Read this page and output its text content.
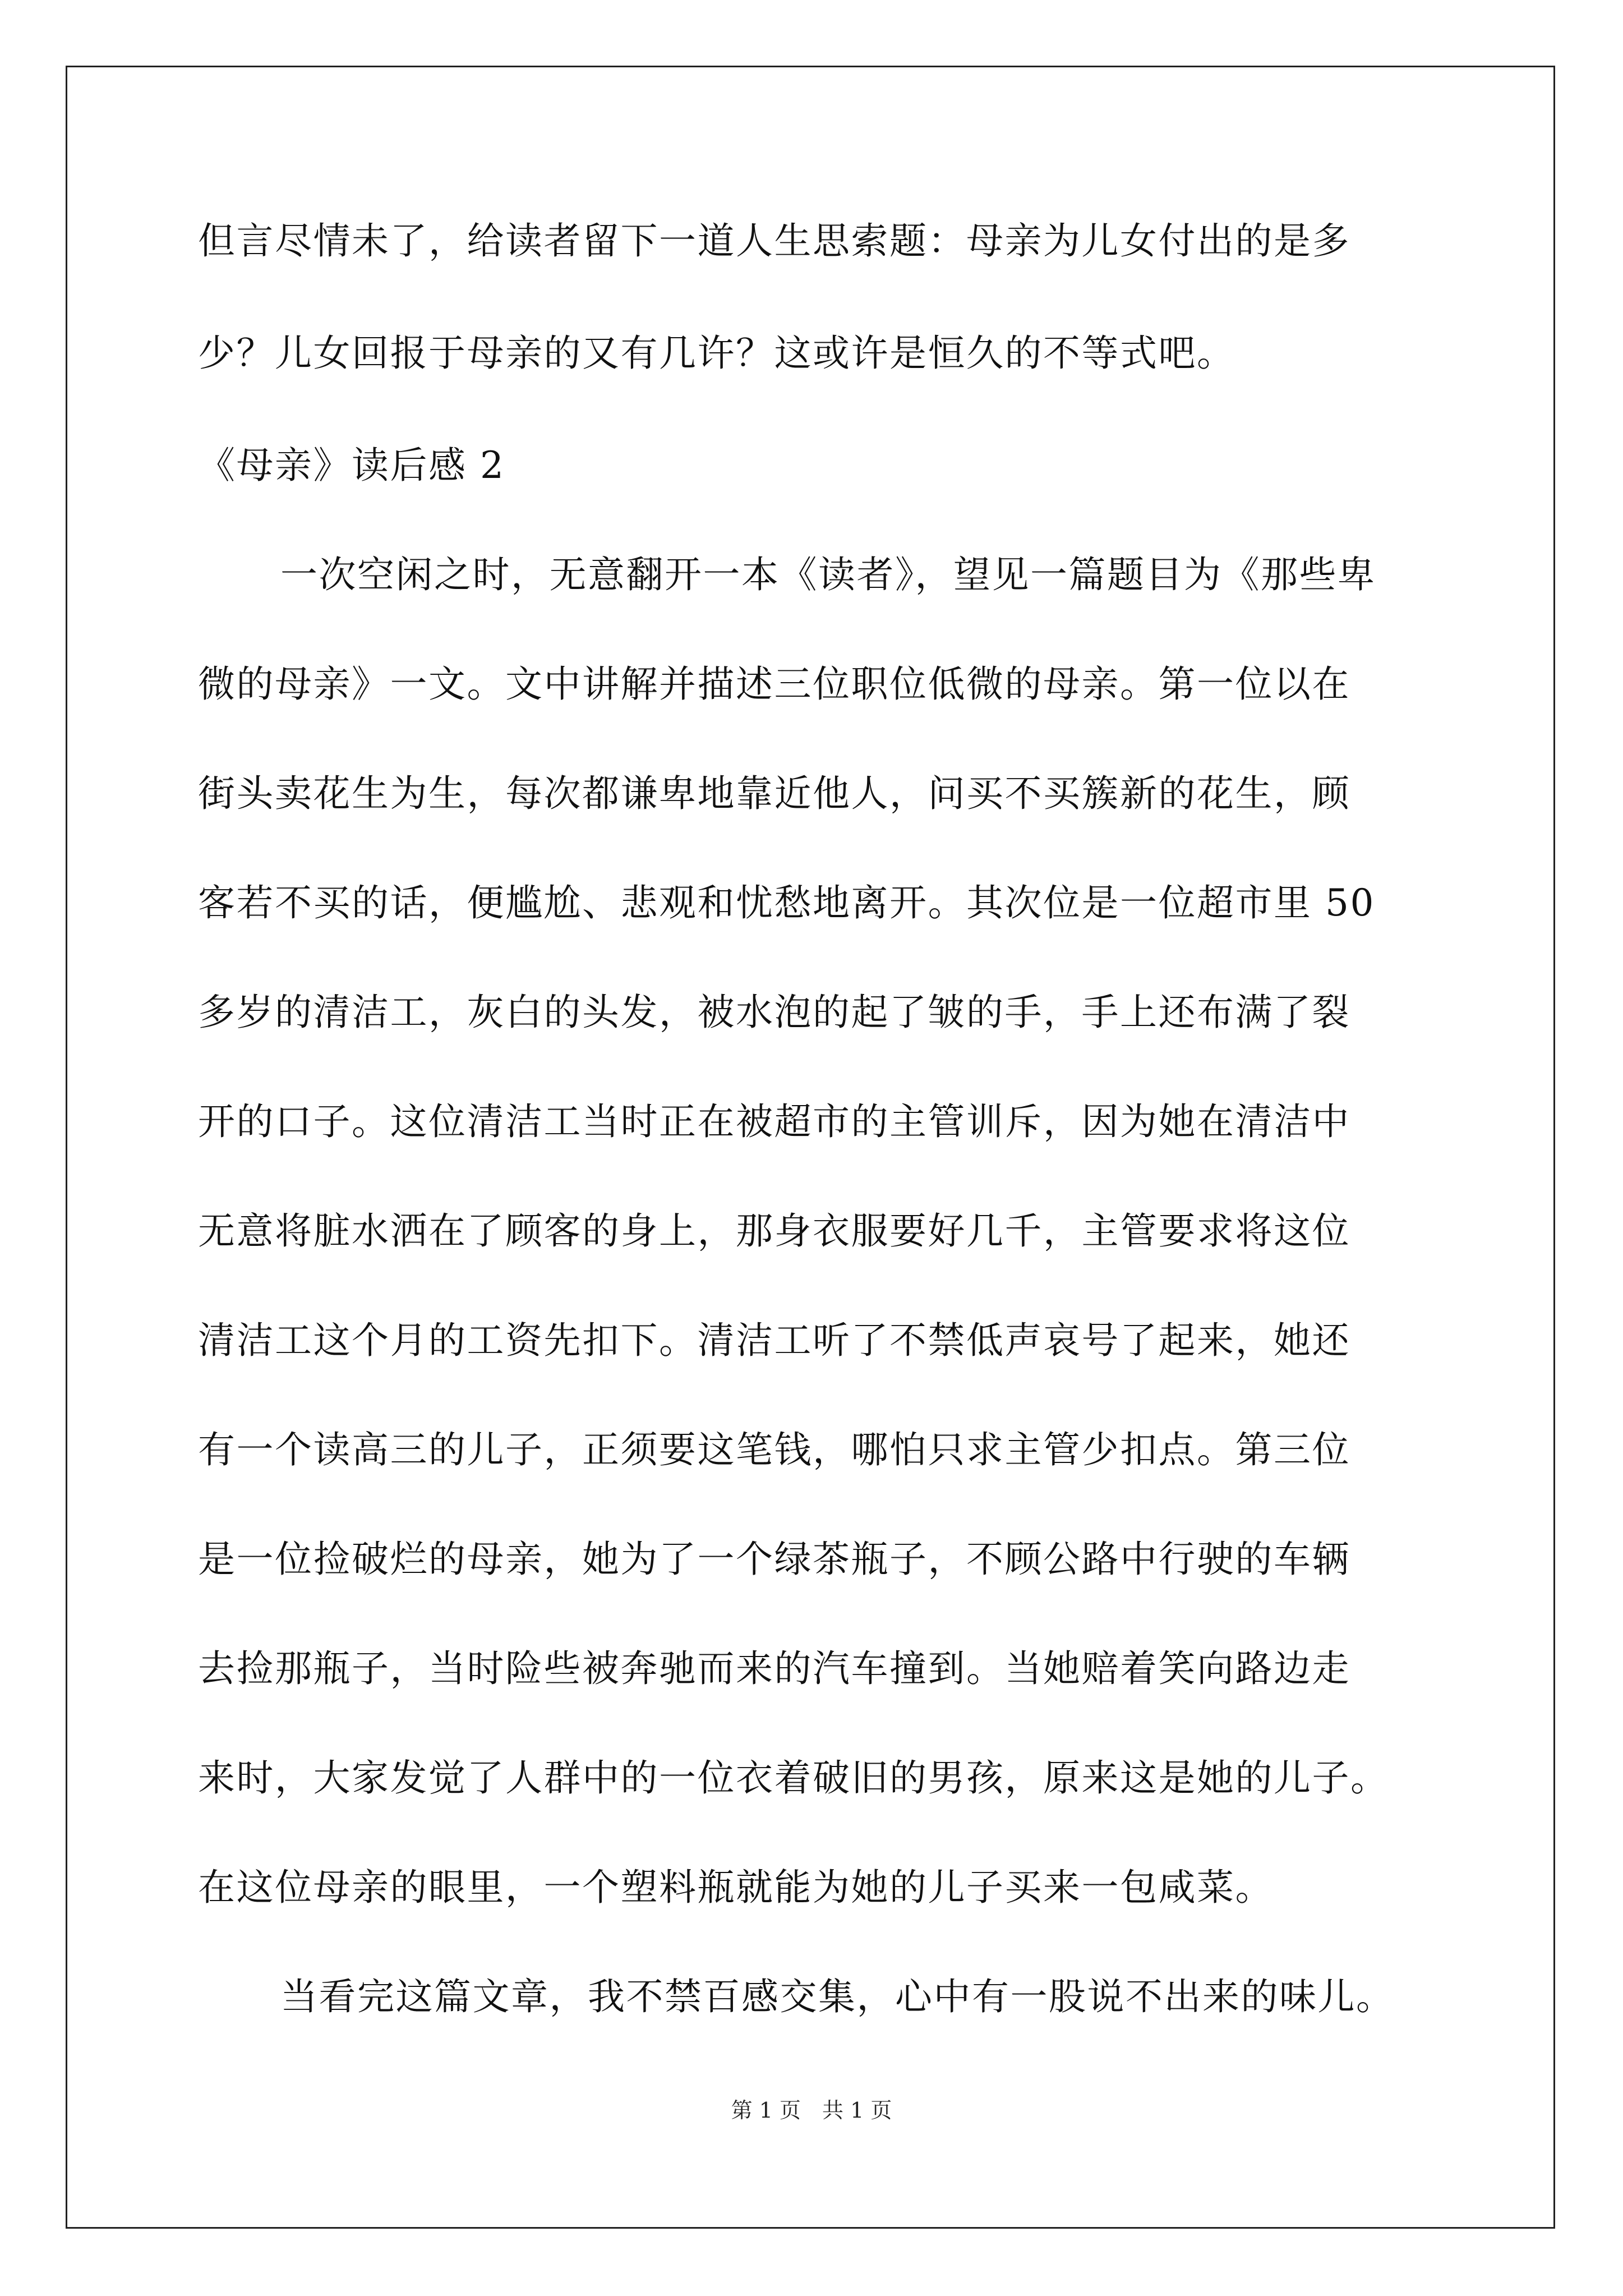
但言尽情未了，给读者留下一道人生思索题：母亲为儿女付出的是多
少？儿女回报于母亲的又有几许？这或许是恒久的不等式吧。
《母亲》读后感 2
一次空闲之时，无意翻开一本《读者》，望见一篇题目为《那些卑
微的母亲》一文。文中讲解并描述三位职位低微的母亲。第一位以在
街头卖花生为生，每次都谦卑地靠近他人，问买不买簇新的花生，顾
客若不买的话，便尴尬、悲观和忧愁地离开。其次位是一位超市里 50
多岁的清洁工，灰白的头发，被水泡的起了皱的手，手上还布满了裂
开的口子。这位清洁工当时正在被超市的主管训斥，因为她在清洁中
无意将脏水洒在了顾客的身上，那身衣服要好几千，主管要求将这位
清洁工这个月的工资先扣下。清洁工听了不禁低声哀号了起来，她还
有一个读高三的儿子，正须要这笔钱，哪怕只求主管少扣点。第三位
是一位捡破烂的母亲，她为了一个绿茶瓶子，不顾公路中行驶的车辆
去捡那瓶子，当时险些被奔驰而来的汽车撞到。当她赔着笑向路边走
来时，大家发觉了人群中的一位衣着破旧的男孩，原来这是她的儿子。
在这位母亲的眼里，一个塑料瓶就能为她的儿子买来一包咸菜。
当看完这篇文章，我不禁百感交集，心中有一股说不出来的味儿。
第 1 页　共 1 页
